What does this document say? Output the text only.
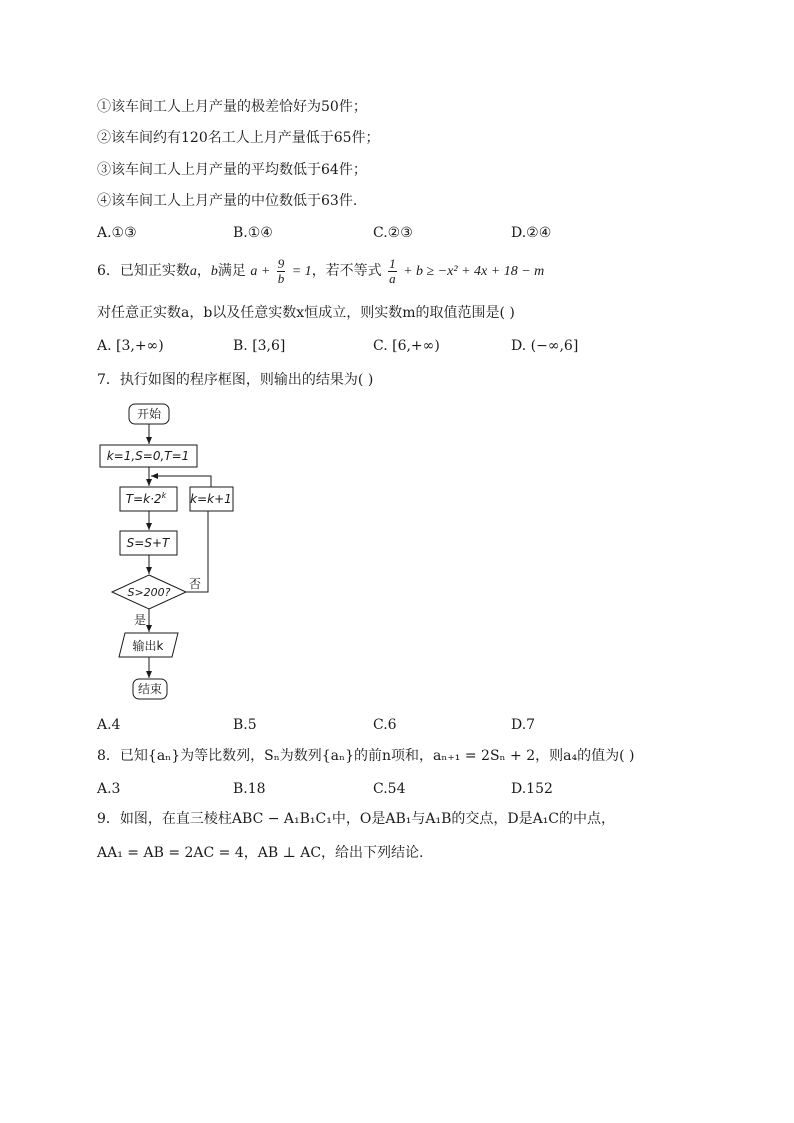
①该车间工人上月产量的极差恰好为50件；
②该车间约有120名工人上月产量低于65件；
③该车间工人上月产量的平均数低于64件；
④该车间工人上月产量的中位数低于63件.
A.①③	B.①④	C.②③	D.②④
6．已知正实数a，b满足 $a + \frac{9}{b} = 1$，若不等式 $\frac{1}{a} + b \ge -x^2 + 4x + 18 - m$
对任意正实数a，b以及任意实数x恒成立，则实数m的取值范围是( )
A. [3,+∞)	B. [3,6]	C. [6,+∞)	D. (−∞,6]
7．执行如图的程序框图，则输出的结果为( )
开始
k=1,S=0,T=1
$T=k\cdot 2^k$
S=S+T
k=k+1
S>200?
否
是
输出k
结束
A.4	B.5	C.6	D.7
8．已知{aₙ}为等比数列，Sₙ为数列{aₙ}的前n项和，aₙ₊₁ = 2Sₙ + 2，则a₄的值为( )
A.3	B.18	C.54	D.152
9．如图，在直三棱柱ABC − A₁B₁C₁中，O是AB₁与A₁B的交点，D是A₁C的中点，
AA₁ = AB = 2AC = 4，AB ⊥ AC，给出下列结论.
